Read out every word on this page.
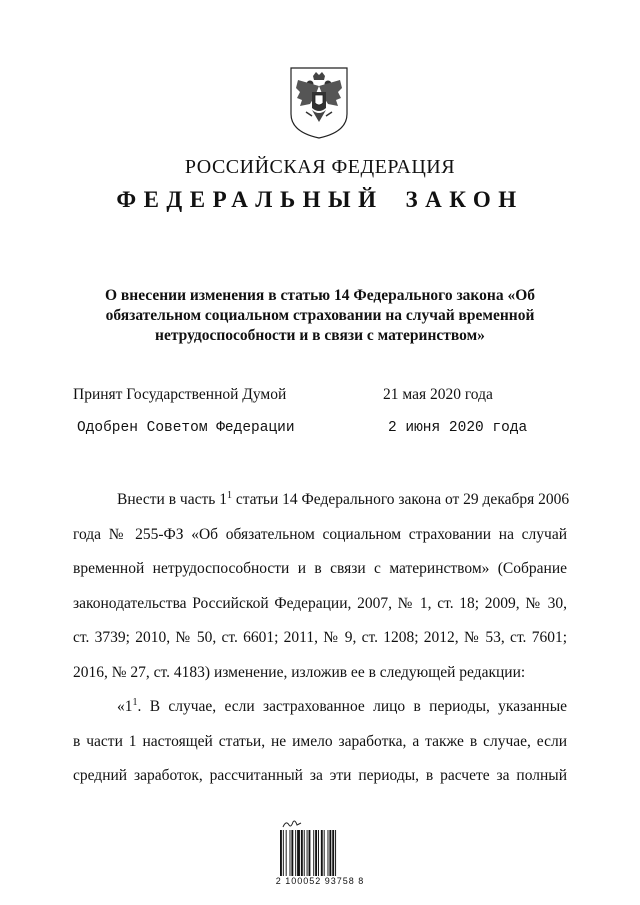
РОССИЙСКАЯ ФЕДЕРАЦИЯ
ФЕДЕРАЛЬНЫЙ ЗАКОН
О внесении изменения в статью 14 Федерального закона «Об
обязательном социальном страховании на случай временной
нетрудоспособности и в связи с материнством»
Принят Государственной Думой	21 мая 2020 года
Одобрен Советом Федерации	2 июня 2020 года
Внести в часть $1^1$ статьи 14 Федерального закона от 29 декабря 2006
года № 255-ФЗ «Об обязательном социальном страховании на случай
временной нетрудоспособности и в связи с материнством» (Собрание
законодательства Российской Федерации, 2007, № 1, ст. 18; 2009, № 30,
ст. 3739; 2010, № 50, ст. 6601; 2011, № 9, ст. 1208; 2012, № 53, ст. 7601;
2016, № 27, ст. 4183) изменение, изложив ее в следующей редакции:
«$1^1$. В случае, если застрахованное лицо в периоды, указанные
в части 1 настоящей статьи, не имело заработка, а также в случае, если
средний заработок, рассчитанный за эти периоды, в расчете за полный
2 100052 93758 8
